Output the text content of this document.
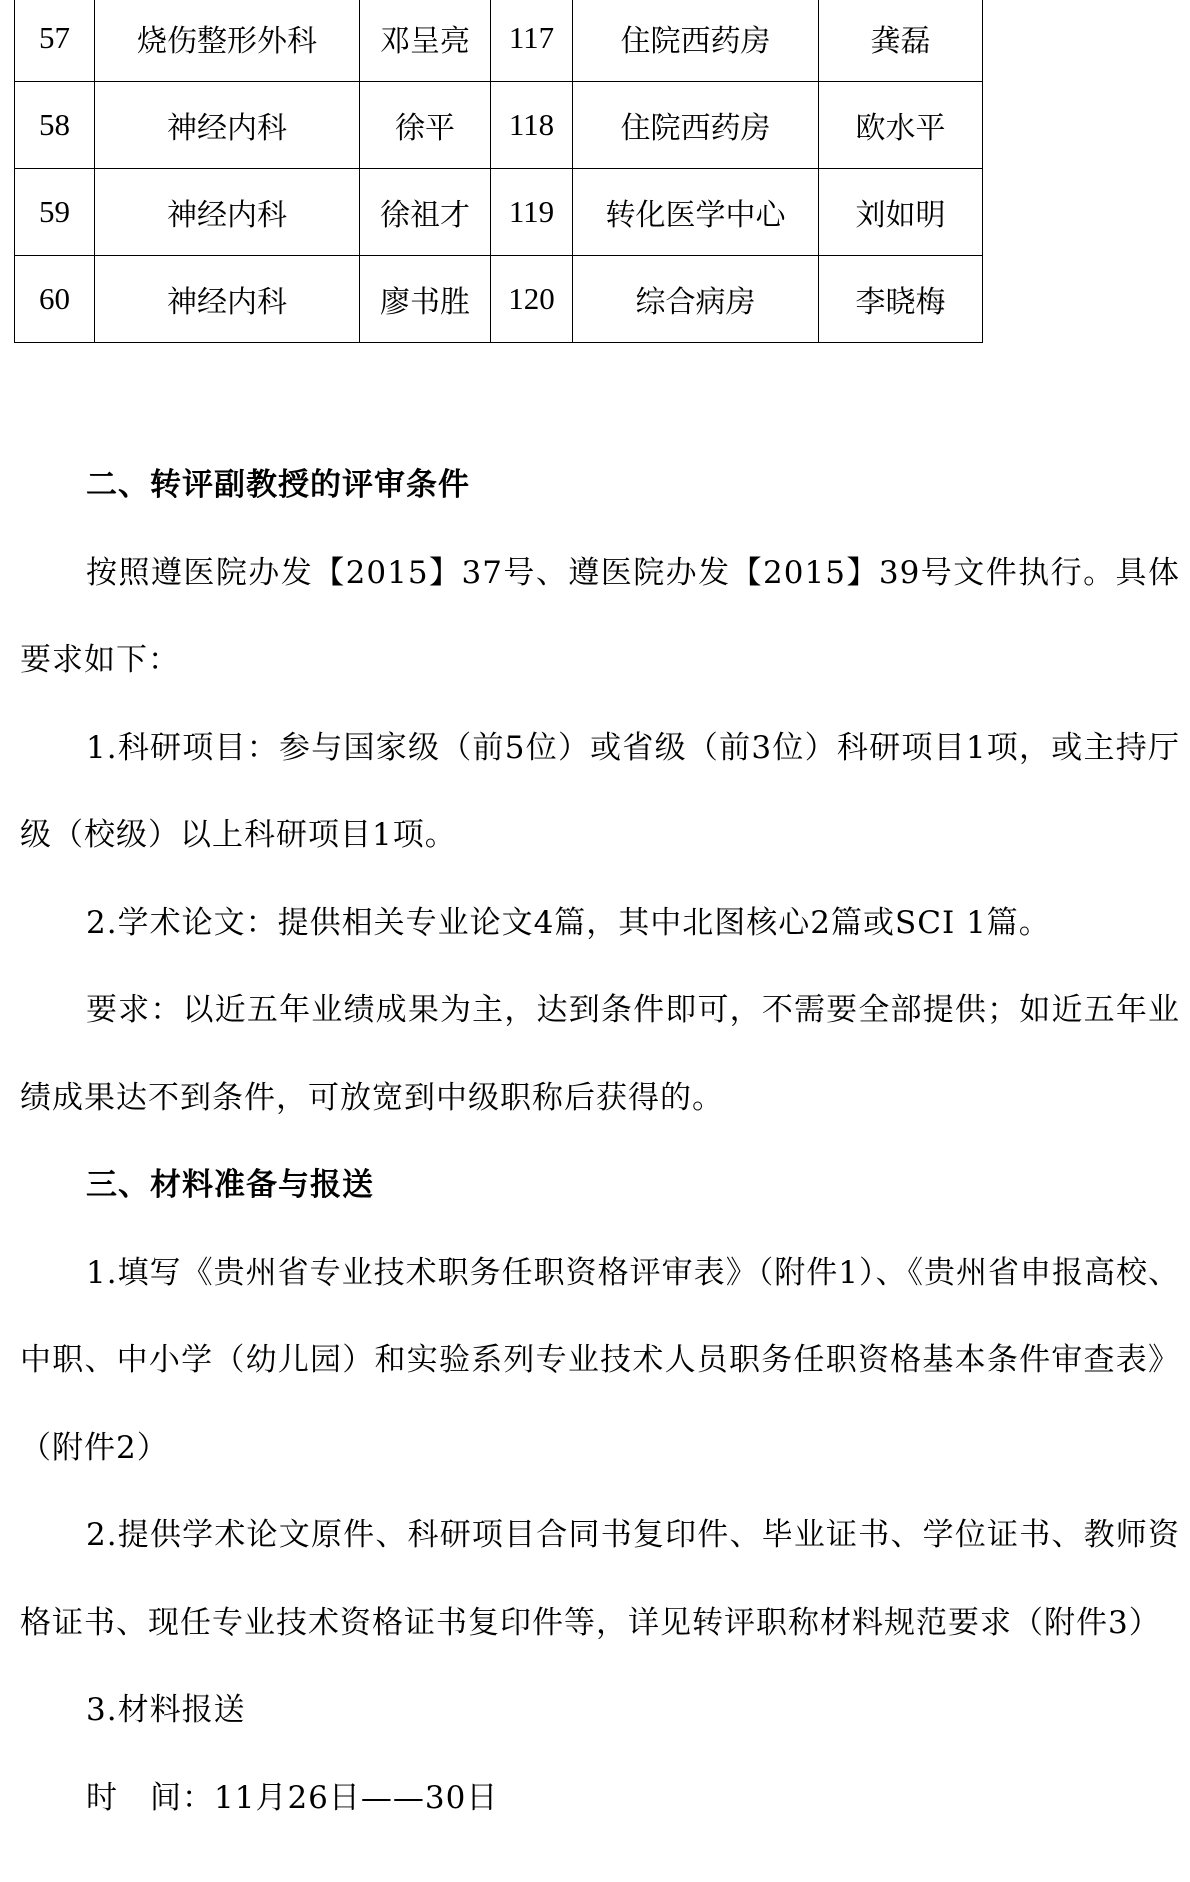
57	烧伤整形外科	邓呈亮	117	住院西药房	龚磊
58	神经内科	徐平	118	住院西药房	欧水平
59	神经内科	徐祖才	119	转化医学中心	刘如明
60	神经内科	廖书胜	120	综合病房	李晓梅

二、转评副教授的评审条件

按照遵医院办发【2015】37号、遵医院办发【2015】39号文件执行。具体要求如下：

1.科研项目：参与国家级（前5位）或省级（前3位）科研项目1项，或主持厅级（校级）以上科研项目1项。

2.学术论文：提供相关专业论文4篇，其中北图核心2篇或SCI 1篇。

要求：以近五年业绩成果为主，达到条件即可，不需要全部提供；如近五年业绩成果达不到条件，可放宽到中级职称后获得的。

三、材料准备与报送

1.填写《贵州省专业技术职务任职资格评审表》（附件1）、《贵州省申报高校、中职、中小学（幼儿园）和实验系列专业技术人员职务任职资格基本条件审查表》（附件2）

2.提供学术论文原件、科研项目合同书复印件、毕业证书、学位证书、教师资格证书、现任专业技术资格证书复印件等，详见转评职称材料规范要求（附件3）

3.材料报送

时　间：11月26日——30日
